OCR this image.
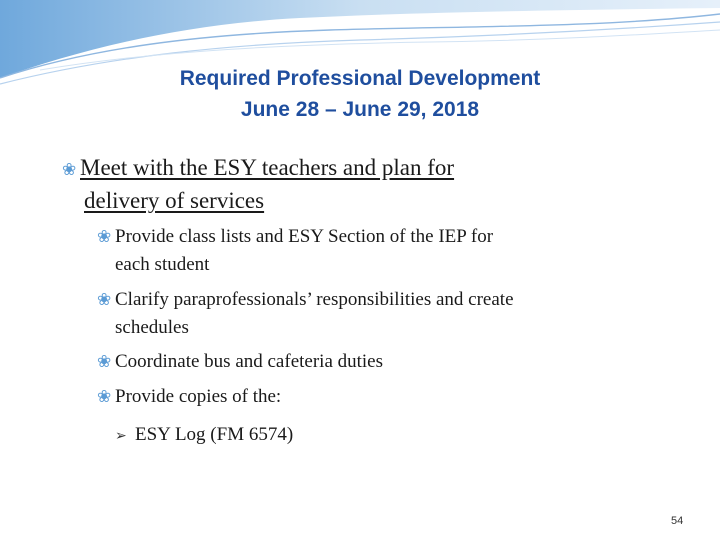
Required Professional Development
June 28 – June 29, 2018
❀ Meet with the ESY teachers and plan for
delivery of services
❀ Provide class lists and ESY Section of the IEP for
each student
❀ Clarify paraprofessionals’ responsibilities and create
schedules
❀ Coordinate bus and cafeteria duties
❀ Provide copies of the:
➢ ESY Log (FM 6574)
54
